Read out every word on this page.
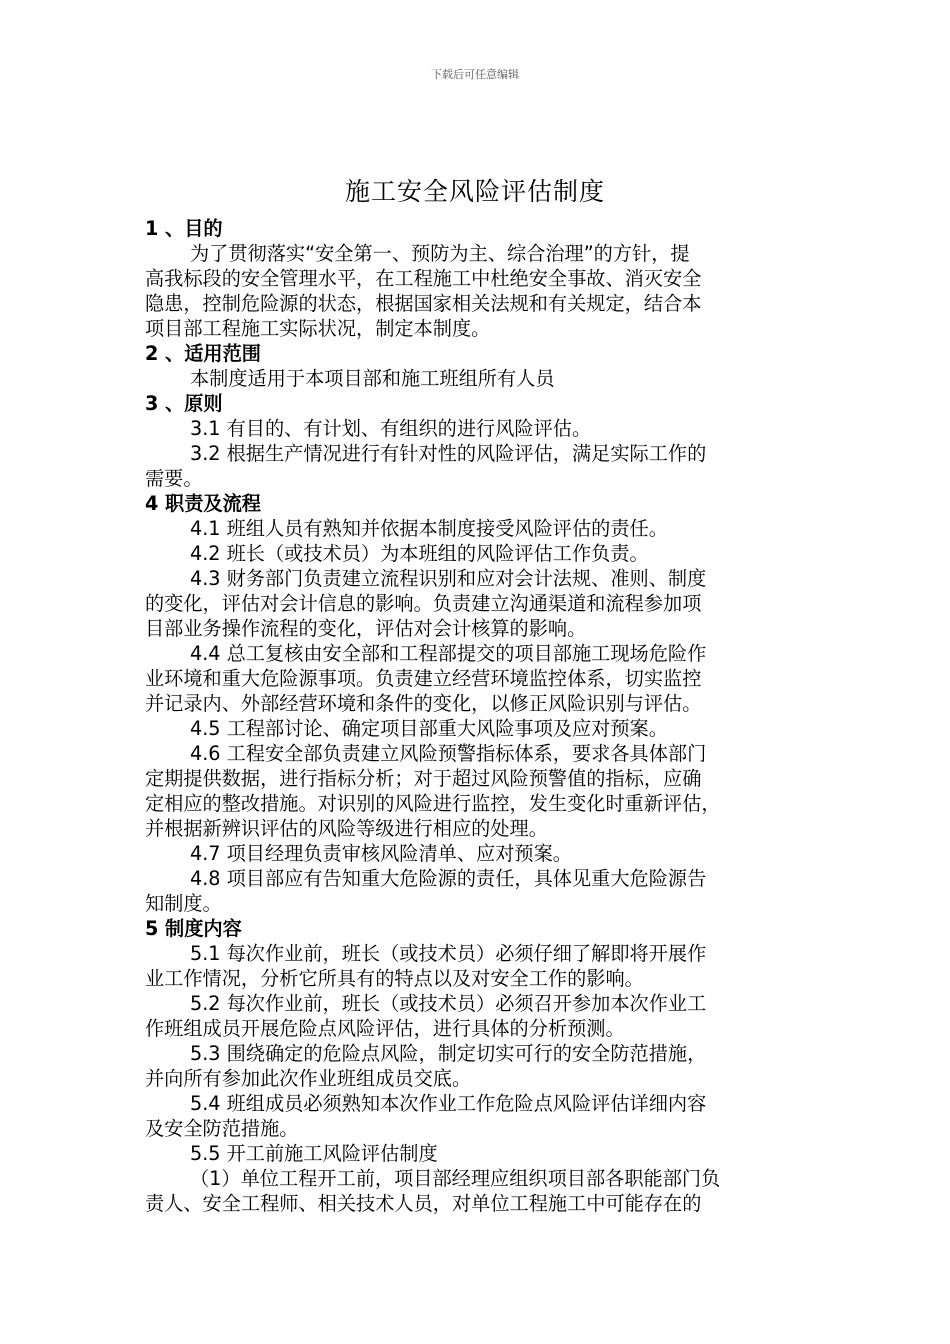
下载后可任意编辑
施工安全风险评估制度
1 、目的
为了贯彻落实“安全第一、预防为主、综合治理”的方针，提
高我标段的安全管理水平，在工程施工中杜绝安全事故、消灭安全
隐患，控制危险源的状态，根据国家相关法规和有关规定，结合本
项目部工程施工实际状况，制定本制度。
2 、适用范围
本制度适用于本项目部和施工班组所有人员
3 、原则
3.1 有目的、有计划、有组织的进行风险评估。
3.2 根据生产情况进行有针对性的风险评估，满足实际工作的
需要。
4 职责及流程
4.1 班组人员有熟知并依据本制度接受风险评估的责任。
4.2 班长（或技术员）为本班组的风险评估工作负责。
4.3 财务部门负责建立流程识别和应对会计法规、准则、制度
的变化，评估对会计信息的影响。负责建立沟通渠道和流程参加项
目部业务操作流程的变化，评估对会计核算的影响。
4.4 总工复核由安全部和工程部提交的项目部施工现场危险作
业环境和重大危险源事项。负责建立经营环境监控体系，切实监控
并记录内、外部经营环境和条件的变化，以修正风险识别与评估。
4.5 工程部讨论、确定项目部重大风险事项及应对预案。
4.6 工程安全部负责建立风险预警指标体系，要求各具体部门
定期提供数据，进行指标分析；对于超过风险预警值的指标，应确
定相应的整改措施。对识别的风险进行监控，发生变化时重新评估，
并根据新辨识评估的风险等级进行相应的处理。
4.7 项目经理负责审核风险清单、应对预案。
4.8 项目部应有告知重大危险源的责任，具体见重大危险源告
知制度。
5 制度内容
5.1 每次作业前，班长（或技术员）必须仔细了解即将开展作
业工作情况，分析它所具有的特点以及对安全工作的影响。
5.2 每次作业前，班长（或技术员）必须召开参加本次作业工
作班组成员开展危险点风险评估，进行具体的分析预测。
5.3 围绕确定的危险点风险，制定切实可行的安全防范措施，
并向所有参加此次作业班组成员交底。
5.4 班组成员必须熟知本次作业工作危险点风险评估详细内容
及安全防范措施。
5.5 开工前施工风险评估制度
（1）单位工程开工前，项目部经理应组织项目部各职能部门负
责人、安全工程师、相关技术人员，对单位工程施工中可能存在的
